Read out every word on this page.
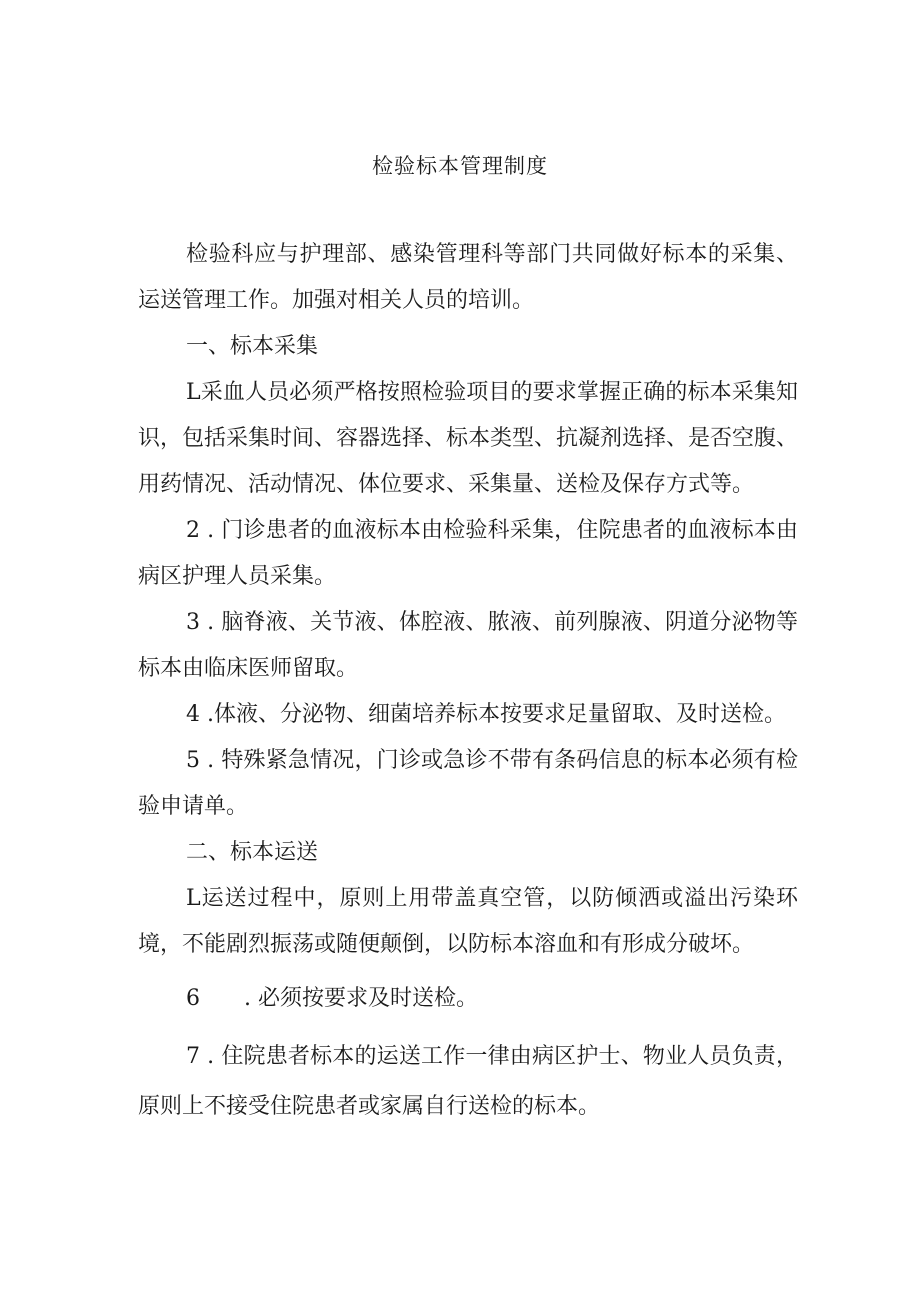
检验标本管理制度

检验科应与护理部、感染管理科等部门共同做好标本的采集、运送管理工作。加强对相关人员的培训。

一、标本采集

L采血人员必须严格按照检验项目的要求掌握正确的标本采集知识，包括采集时间、容器选择、标本类型、抗凝剂选择、是否空腹、用药情况、活动情况、体位要求、采集量、送检及保存方式等。

2 . 门诊患者的血液标本由检验科采集，住院患者的血液标本由病区护理人员采集。

3 . 脑脊液、关节液、体腔液、脓液、前列腺液、阴道分泌物等标本由临床医师留取。

4 .体液、分泌物、细菌培养标本按要求足量留取、及时送检。

5 . 特殊紧急情况，门诊或急诊不带有条码信息的标本必须有检验申请单。

二、标本运送

L运送过程中，原则上用带盖真空管，以防倾洒或溢出污染环境，不能剧烈振荡或随便颠倒，以防标本溶血和有形成分破坏。

6　　. 必须按要求及时送检。

7 . 住院患者标本的运送工作一律由病区护士、物业人员负责，原则上不接受住院患者或家属自行送检的标本。
